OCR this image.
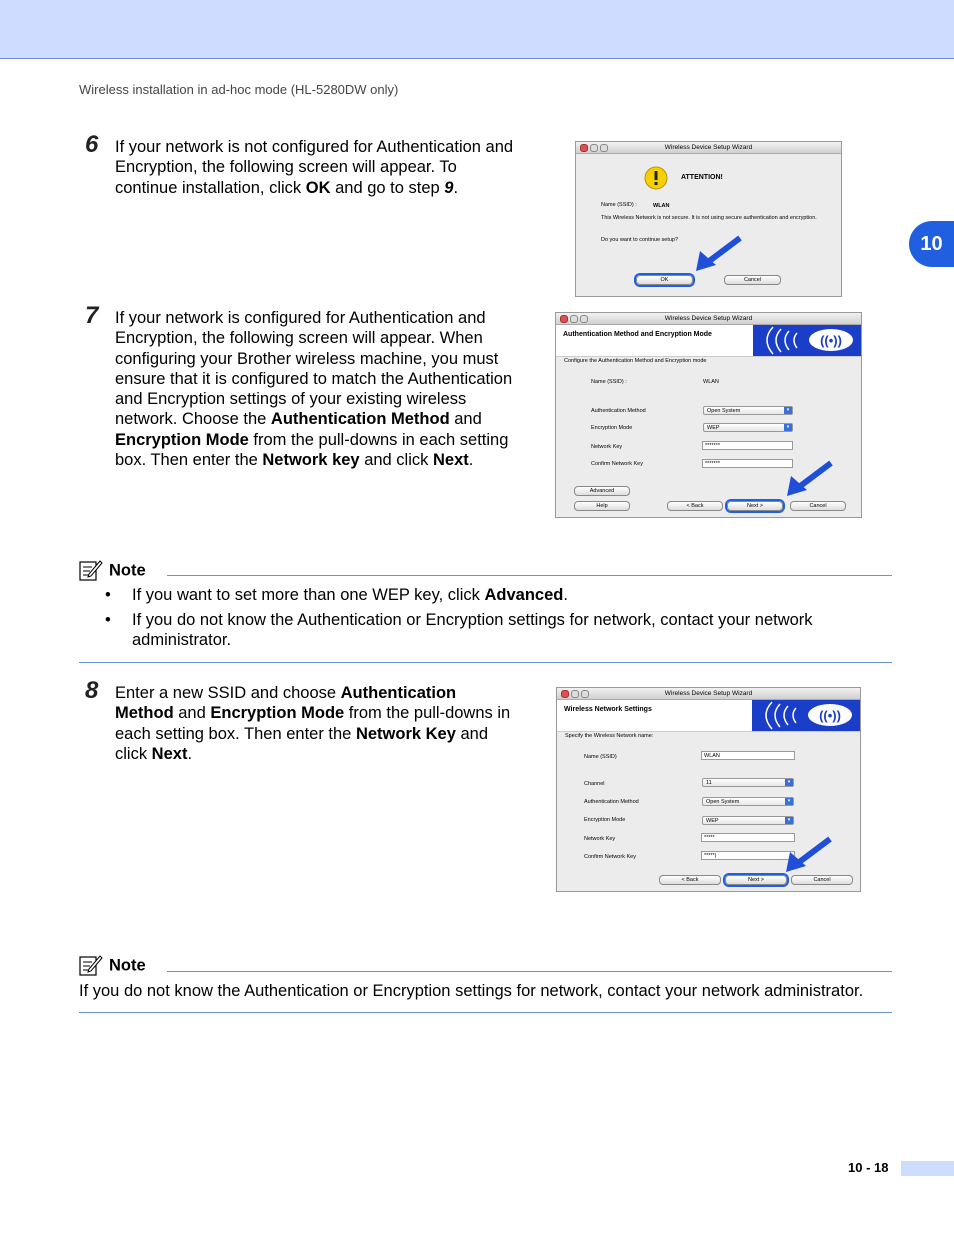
Wireless installation in ad-hoc mode (HL-5280DW only)
10
6 If your network is not configured for Authentication and Encryption, the following screen will appear. To continue installation, click OK and go to step 9.
Wireless Device Setup Wizard
ATTENTION!
Name (SSID) :	WLAN
This Wireless Network is not secure. It is not using secure authentication and encryption.
Do you want to continue setup?
OK	Cancel
7 If your network is configured for Authentication and Encryption, the following screen will appear. When configuring your Brother wireless machine, you must ensure that it is configured to match the Authentication and Encryption settings of your existing wireless network. Choose the Authentication Method and Encryption Mode from the pull-downs in each setting box. Then enter the Network key and click Next.
Wireless Device Setup Wizard
Authentication Method and Encryption Mode	((•))
Configure the Authentication Method and Encryption mode
Name (SSID) :	WLAN
Authentication Method	Open System	▾
Encryption Mode	WEP	▾
Network Key	*******
Confirm Network Key	*******
Advanced
Help	< Back	Next >	Cancel
Note
• If you want to set more than one WEP key, click Advanced.
• If you do not know the Authentication or Encryption settings for network, contact your network administrator.
8 Enter a new SSID and choose Authentication Method and Encryption Mode from the pull-downs in each setting box. Then enter the Network Key and click Next.
Wireless Device Setup Wizard
Wireless Network Settings	((•))
Specify the Wireless Network name:
Name (SSID)	WLAN
Channel	11	▾
Authentication Method	Open System	▾
Encryption Mode	WEP	▾
Network Key	*****
Confirm Network Key	*****|
< Back	Next >	Cancel
Note
If you do not know the Authentication or Encryption settings for network, contact your network administrator.
10 - 18
